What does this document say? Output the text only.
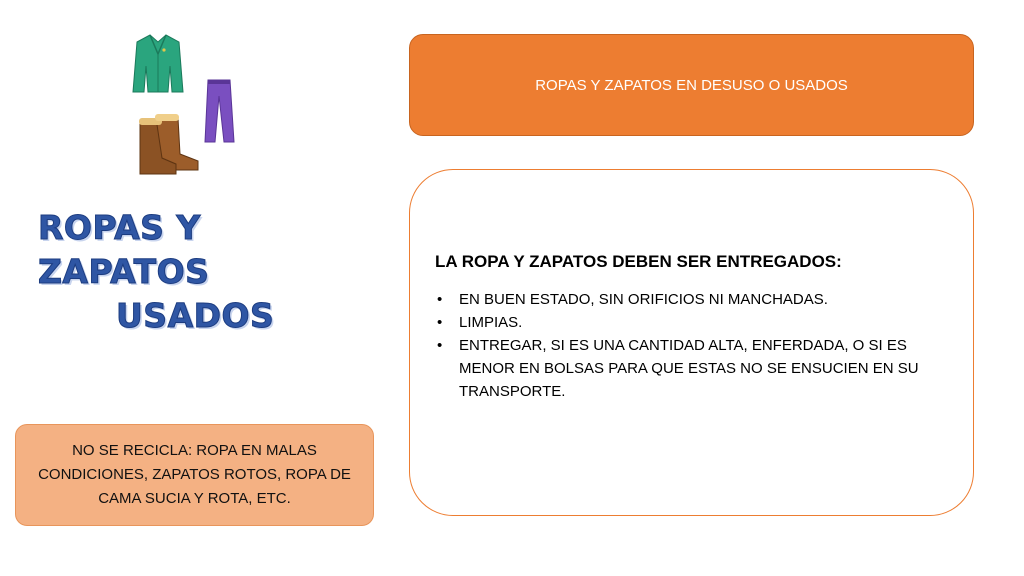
ROPAS Y ZAPATOS
USADOS
ROPAS Y ZAPATOS EN DESUSO O USADOS

LA ROPA Y ZAPATOS DEBEN SER ENTREGADOS:

• EN BUEN ESTADO, SIN ORIFICIOS NI MANCHADAS.
• LIMPIAS.
• ENTREGAR, SI ES UNA CANTIDAD ALTA, ENFERDADA, O SI ES MENOR EN BOLSAS PARA QUE ESTAS NO SE ENSUCIEN EN SU TRANSPORTE.
NO SE RECICLA: ROPA EN MALAS CONDICIONES, ZAPATOS ROTOS, ROPA DE CAMA SUCIA Y ROTA, ETC.
